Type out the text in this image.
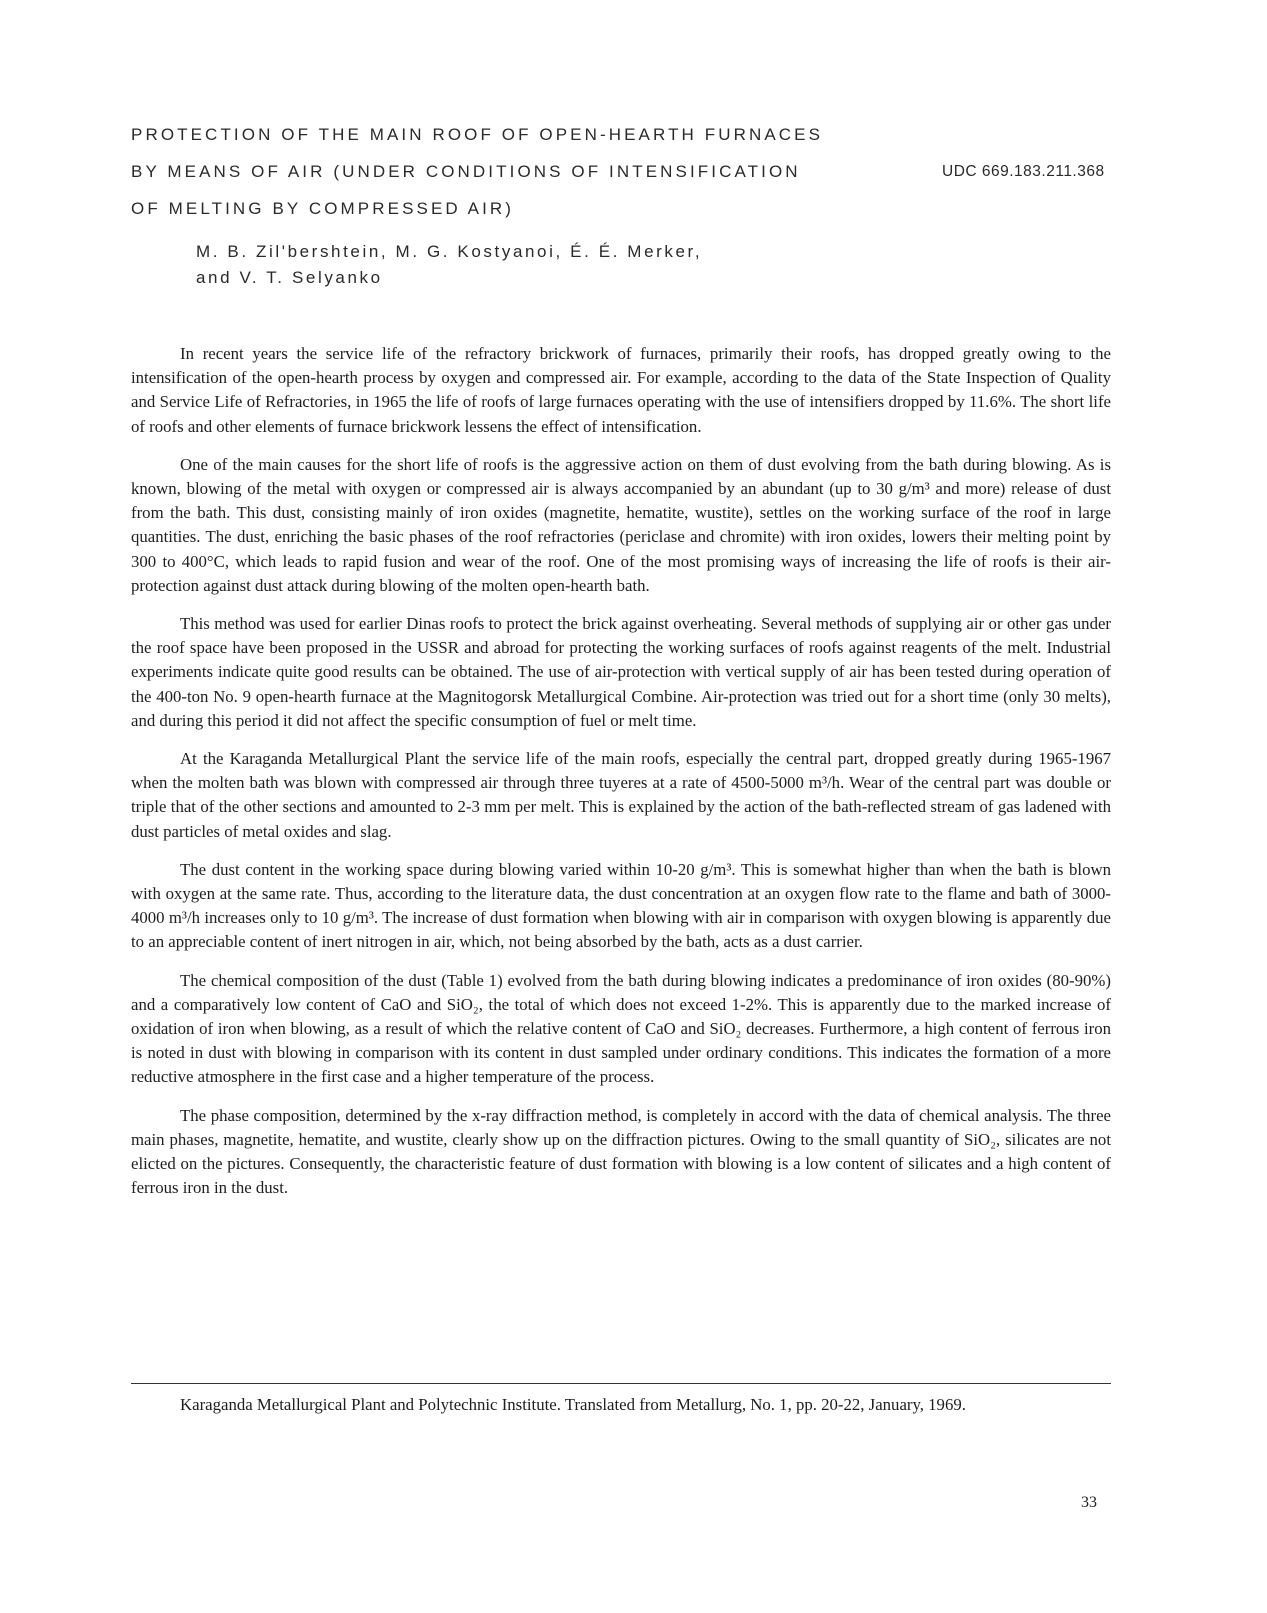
PROTECTION OF THE MAIN ROOF OF OPEN-HEARTH FURNACES
BY MEANS OF AIR (UNDER CONDITIONS OF INTENSIFICATION
OF MELTING BY COMPRESSED AIR)
UDC 669.183.211.368
M. B. Zil'bershtein, M. G. Kostyanoi, É. É. Merker,
and V. T. Selyanko

In recent years the service life of the refractory brickwork of furnaces, primarily their roofs, has dropped greatly owing to the intensification of the open-hearth process by oxygen and compressed air. For example, according to the data of the State Inspection of Quality and Service Life of Refractories, in 1965 the life of roofs of large furnaces operating with the use of intensifiers dropped by 11.6%. The short life of roofs and other elements of furnace brickwork lessens the effect of intensification.

One of the main causes for the short life of roofs is the aggressive action on them of dust evolving from the bath during blowing. As is known, blowing of the metal with oxygen or compressed air is always accompanied by an abundant (up to 30 g/m³ and more) release of dust from the bath. This dust, consisting mainly of iron oxides (magnetite, hematite, wustite), settles on the working surface of the roof in large quantities. The dust, enriching the basic phases of the roof refractories (periclase and chromite) with iron oxides, lowers their melting point by 300 to 400°C, which leads to rapid fusion and wear of the roof. One of the most promising ways of increasing the life of roofs is their air-protection against dust attack during blowing of the molten open-hearth bath.

This method was used for earlier Dinas roofs to protect the brick against overheating. Several methods of supplying air or other gas under the roof space have been proposed in the USSR and abroad for protecting the working surfaces of roofs against reagents of the melt. Industrial experiments indicate quite good results can be obtained. The use of air-protection with vertical supply of air has been tested during operation of the 400-ton No. 9 open-hearth furnace at the Magnitogorsk Metallurgical Combine. Air-protection was tried out for a short time (only 30 melts), and during this period it did not affect the specific consumption of fuel or melt time.

At the Karaganda Metallurgical Plant the service life of the main roofs, especially the central part, dropped greatly during 1965-1967 when the molten bath was blown with compressed air through three tuyeres at a rate of 4500-5000 m³/h. Wear of the central part was double or triple that of the other sections and amounted to 2-3 mm per melt. This is explained by the action of the bath-reflected stream of gas ladened with dust particles of metal oxides and slag.

The dust content in the working space during blowing varied within 10-20 g/m³. This is somewhat higher than when the bath is blown with oxygen at the same rate. Thus, according to the literature data, the dust concentration at an oxygen flow rate to the flame and bath of 3000-4000 m³/h increases only to 10 g/m³. The increase of dust formation when blowing with air in comparison with oxygen blowing is apparently due to an appreciable content of inert nitrogen in air, which, not being absorbed by the bath, acts as a dust carrier.

The chemical composition of the dust (Table 1) evolved from the bath during blowing indicates a predominance of iron oxides (80-90%) and a comparatively low content of CaO and SiO₂, the total of which does not exceed 1-2%. This is apparently due to the marked increase of oxidation of iron when blowing, as a result of which the relative content of CaO and SiO₂ decreases. Furthermore, a high content of ferrous iron is noted in dust with blowing in comparison with its content in dust sampled under ordinary conditions. This indicates the formation of a more reductive atmosphere in the first case and a higher temperature of the process.

The phase composition, determined by the x-ray diffraction method, is completely in accord with the data of chemical analysis. The three main phases, magnetite, hematite, and wustite, clearly show up on the diffraction pictures. Owing to the small quantity of SiO₂, silicates are not elicted on the pictures. Consequently, the characteristic feature of dust formation with blowing is a low content of silicates and a high content of ferrous iron in the dust.

Karaganda Metallurgical Plant and Polytechnic Institute. Translated from Metallurg, No. 1, pp. 20-22, January, 1969.

33
